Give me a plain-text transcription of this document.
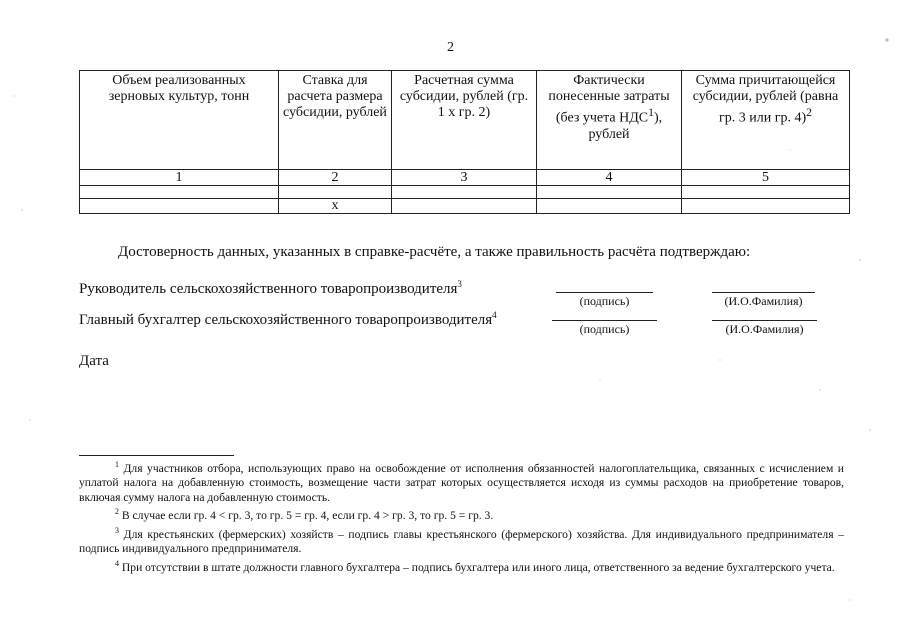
2
Объем реализованных зерновых культур, тонн	Ставка для расчета размера субсидии, рублей	Расчетная сумма субсидии, рублей (гр. 1 х гр. 2)	Фактически понесенные затраты (без учета НДС$^1$), рублей	Сумма причитающейся субсидии, рублей (равна гр. 3 или гр. 4)$^2$
1	2	3	4	5

	х			
Достоверность данных, указанных в справке-расчёте, а также правильность расчёта подтверждаю:
Руководитель сельскохозяйственного товаропроизводителя$^3$
(подпись)	(И.О.Фамилия)
Главный бухгалтер сельскохозяйственного товаропроизводителя$^4$
(подпись)	(И.О.Фамилия)
Дата

$^1$ Для участников отбора, использующих право на освобождение от исполнения обязанностей налогоплательщика, связанных с исчислением и уплатой налога на добавленную стоимость, возмещение части затрат которых осуществляется исходя из суммы расходов на приобретение товаров, включая сумму налога на добавленную стоимость.

$^2$ В случае если гр. 4 < гр. 3, то гр. 5 = гр. 4, если гр. 4 > гр. 3, то гр. 5 = гр. 3.

$^3$ Для крестьянских (фермерских) хозяйств – подпись главы крестьянского (фермерского) хозяйства. Для индивидуального предпринимателя – подпись индивидуального предпринимателя.

$^4$ При отсутствии в штате должности главного бухгалтера – подпись бухгалтера или иного лица, ответственного за ведение бухгалтерского учета.
